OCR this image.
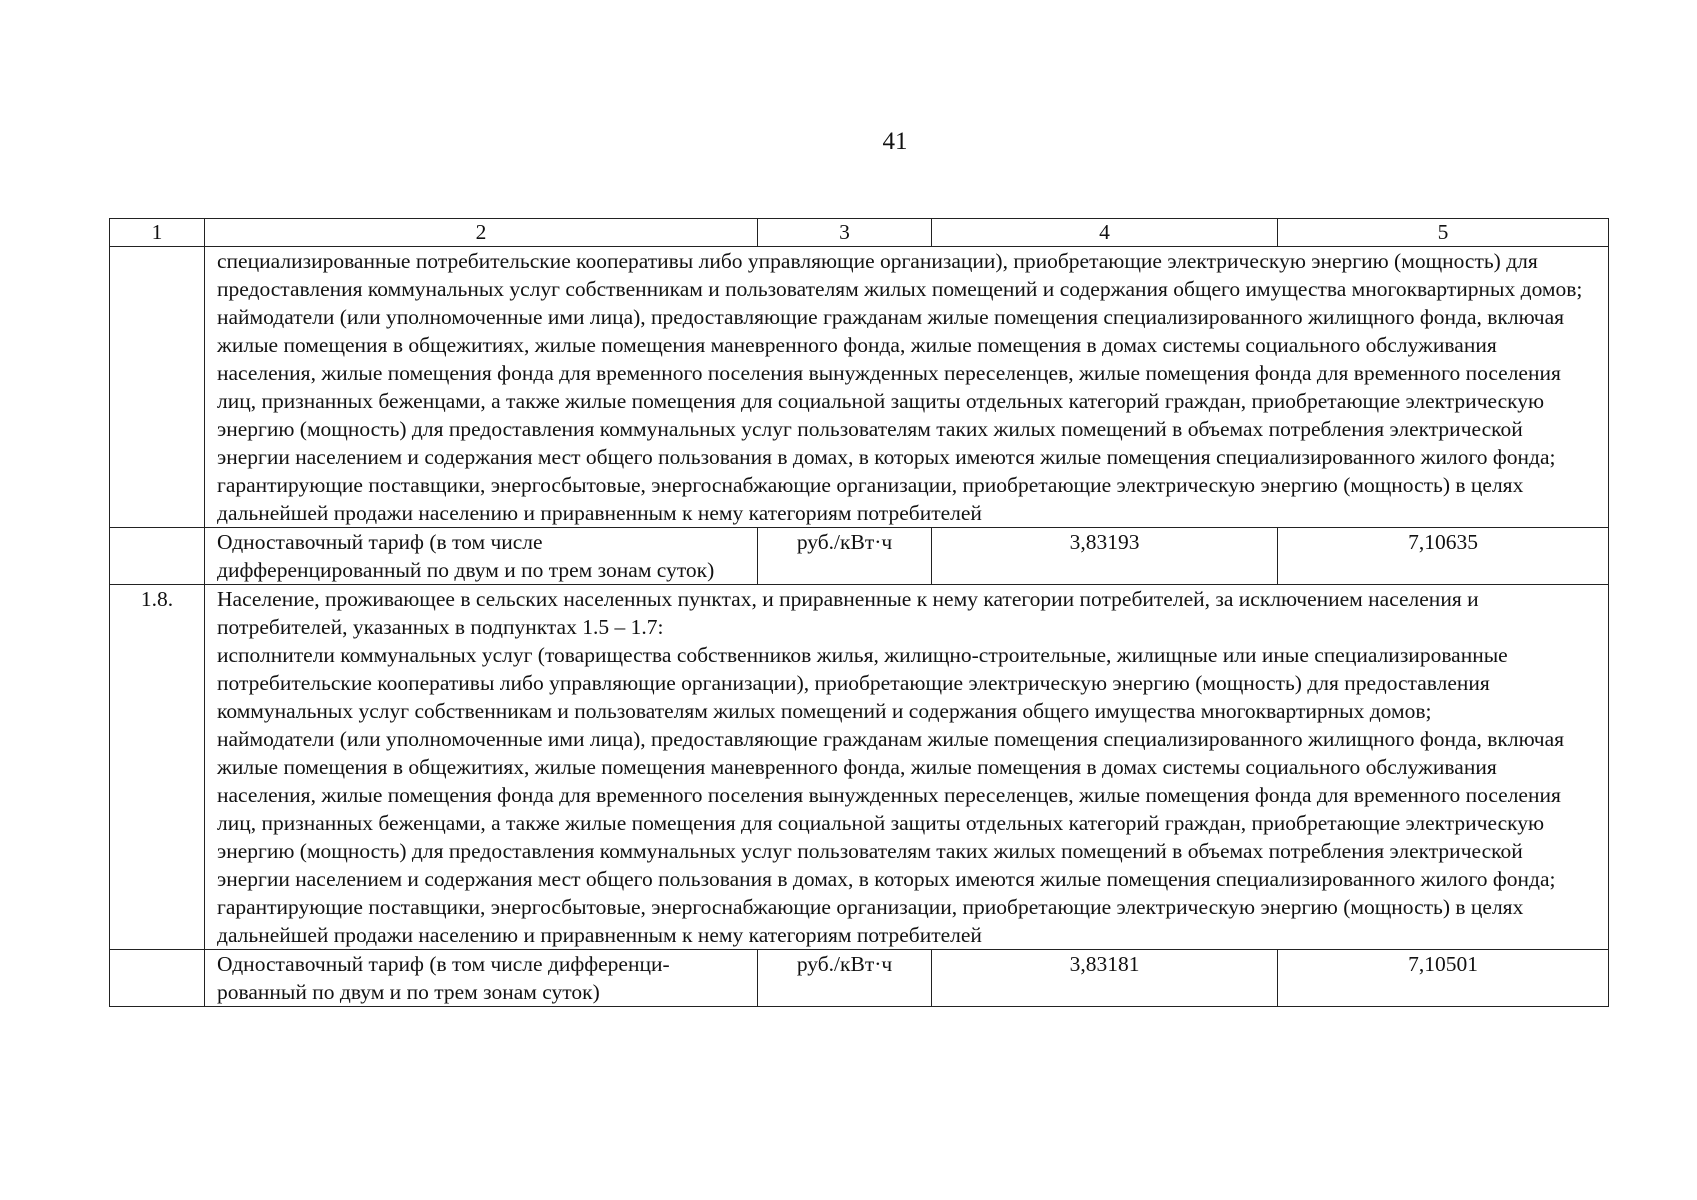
41
1	2	3	4	5

	специализированные потребительские кооперативы либо управляющие организации), приобретающие электрическую энергию (мощность) для предоставления коммунальных услуг собственникам и пользователям жилых помещений и содержания общего имущества многоквартирных домов;

наймодатели (или уполномоченные ими лица), предоставляющие гражданам жилые помещения специализированного жилищного фонда, включая жилые помещения в общежитиях, жилые помещения маневренного фонда, жилые помещения в домах системы социального обслуживания населения, жилые помещения фонда для временного поселения вынужденных переселенцев, жилые помещения фонда для временного поселения лиц, признанных беженцами, а также жилые помещения для социальной защиты отдельных категорий граждан, приобретающие электрическую энергию (мощность) для предоставления коммунальных услуг пользователям таких жилых помещений в объемах потребления электрической энергии населением и содержания мест общего пользования в домах, в которых имеются жилые помещения специализированного жилого фонда; гарантирующие поставщики, энергосбытовые, энергоснабжающие организации, приобретающие электрическую энергию (мощность) в целях дальнейшей продажи населению и приравненным к нему категориям потребителей			

	Одноставочный тариф (в том числе дифференцированный по двум и по трем зонам суток)	руб./кВт·ч	3,83193	7,10635
1.8.	Население, проживающее в сельских населенных пунктах, и приравненные к нему категории потребителей, за исключением населения и потребителей, указанных в подпунктах 1.5 – 1.7:

исполнители коммунальных услуг (товарищества собственников жилья, жилищно-строительные, жилищные или иные специализированные потребительские кооперативы либо управляющие организации), приобретающие электрическую энергию (мощность) для предоставления коммунальных услуг собственникам и пользователям жилых помещений и содержания общего имущества многоквартирных домов;

наймодатели (или уполномоченные ими лица), предоставляющие гражданам жилые помещения специализированного жилищного фонда, включая жилые помещения в общежитиях, жилые помещения маневренного фонда, жилые помещения в домах системы социального обслуживания населения, жилые помещения фонда для временного поселения вынужденных переселенцев, жилые помещения фонда для временного поселения лиц, признанных беженцами, а также жилые помещения для социальной защиты отдельных категорий граждан, приобретающие электрическую энергию (мощность) для предоставления коммунальных услуг пользователям таких жилых помещений в объемах потребления электрической энергии населением и содержания мест общего пользования в домах, в которых имеются жилые помещения специализированного жилого фонда;

гарантирующие поставщики, энергосбытовые, энергоснабжающие организации, приобретающие электрическую энергию (мощность) в целях дальнейшей продажи населению и приравненным к нему категориям потребителей			

	Одноставочный тариф (в том числе дифференци-рованный по двум и по трем зонам суток)	руб./кВт·ч	3,83181	7,10501
